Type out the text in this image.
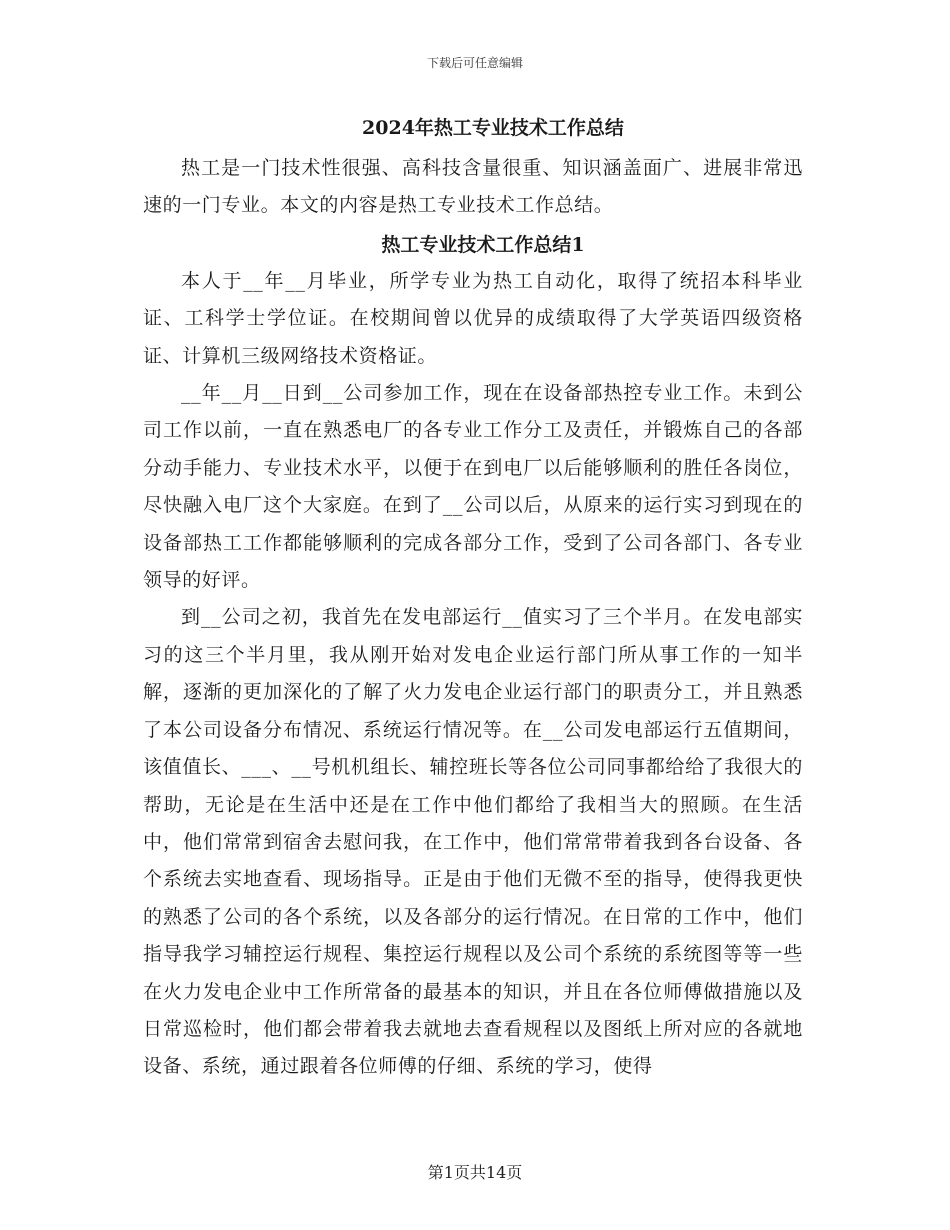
下载后可任意编辑
2024年热工专业技术工作总结

热工是一门技术性很强、高科技含量很重、知识涵盖面广、进展非常迅速的一门专业。本文的内容是热工专业技术工作总结。

热工专业技术工作总结1

本人于__年__月毕业，所学专业为热工自动化，取得了统招本科毕业证、工科学士学位证。在校期间曾以优异的成绩取得了大学英语四级资格证、计算机三级网络技术资格证。

__年__月__日到__公司参加工作，现在在设备部热控专业工作。未到公司工作以前，一直在熟悉电厂的各专业工作分工及责任，并锻炼自己的各部分动手能力、专业技术水平，以便于在到电厂以后能够顺利的胜任各岗位，尽快融入电厂这个大家庭。在到了__公司以后，从原来的运行实习到现在的设备部热工工作都能够顺利的完成各部分工作，受到了公司各部门、各专业领导的好评。

到__公司之初，我首先在发电部运行__值实习了三个半月。在发电部实习的这三个半月里，我从刚开始对发电企业运行部门所从事工作的一知半解，逐渐的更加深化的了解了火力发电企业运行部门的职责分工，并且熟悉了本公司设备分布情况、系统运行情况等。在__公司发电部运行五值期间，该值值长、___、__号机机组长、辅控班长等各位公司同事都给给了我很大的帮助，无论是在生活中还是在工作中他们都给了我相当大的照顾。在生活中，他们常常到宿舍去慰问我，在工作中，他们常常带着我到各台设备、各个系统去实地查看、现场指导。正是由于他们无微不至的指导，使得我更快的熟悉了公司的各个系统，以及各部分的运行情况。在日常的工作中，他们指导我学习辅控运行规程、集控运行规程以及公司个系统的系统图等等一些在火力发电企业中工作所常备的最基本的知识，并且在各位师傅做措施以及日常巡检时，他们都会带着我去就地去查看规程以及图纸上所对应的各就地设备、系统，通过跟着各位师傅的仔细、系统的学习，使得

第1页共14页
